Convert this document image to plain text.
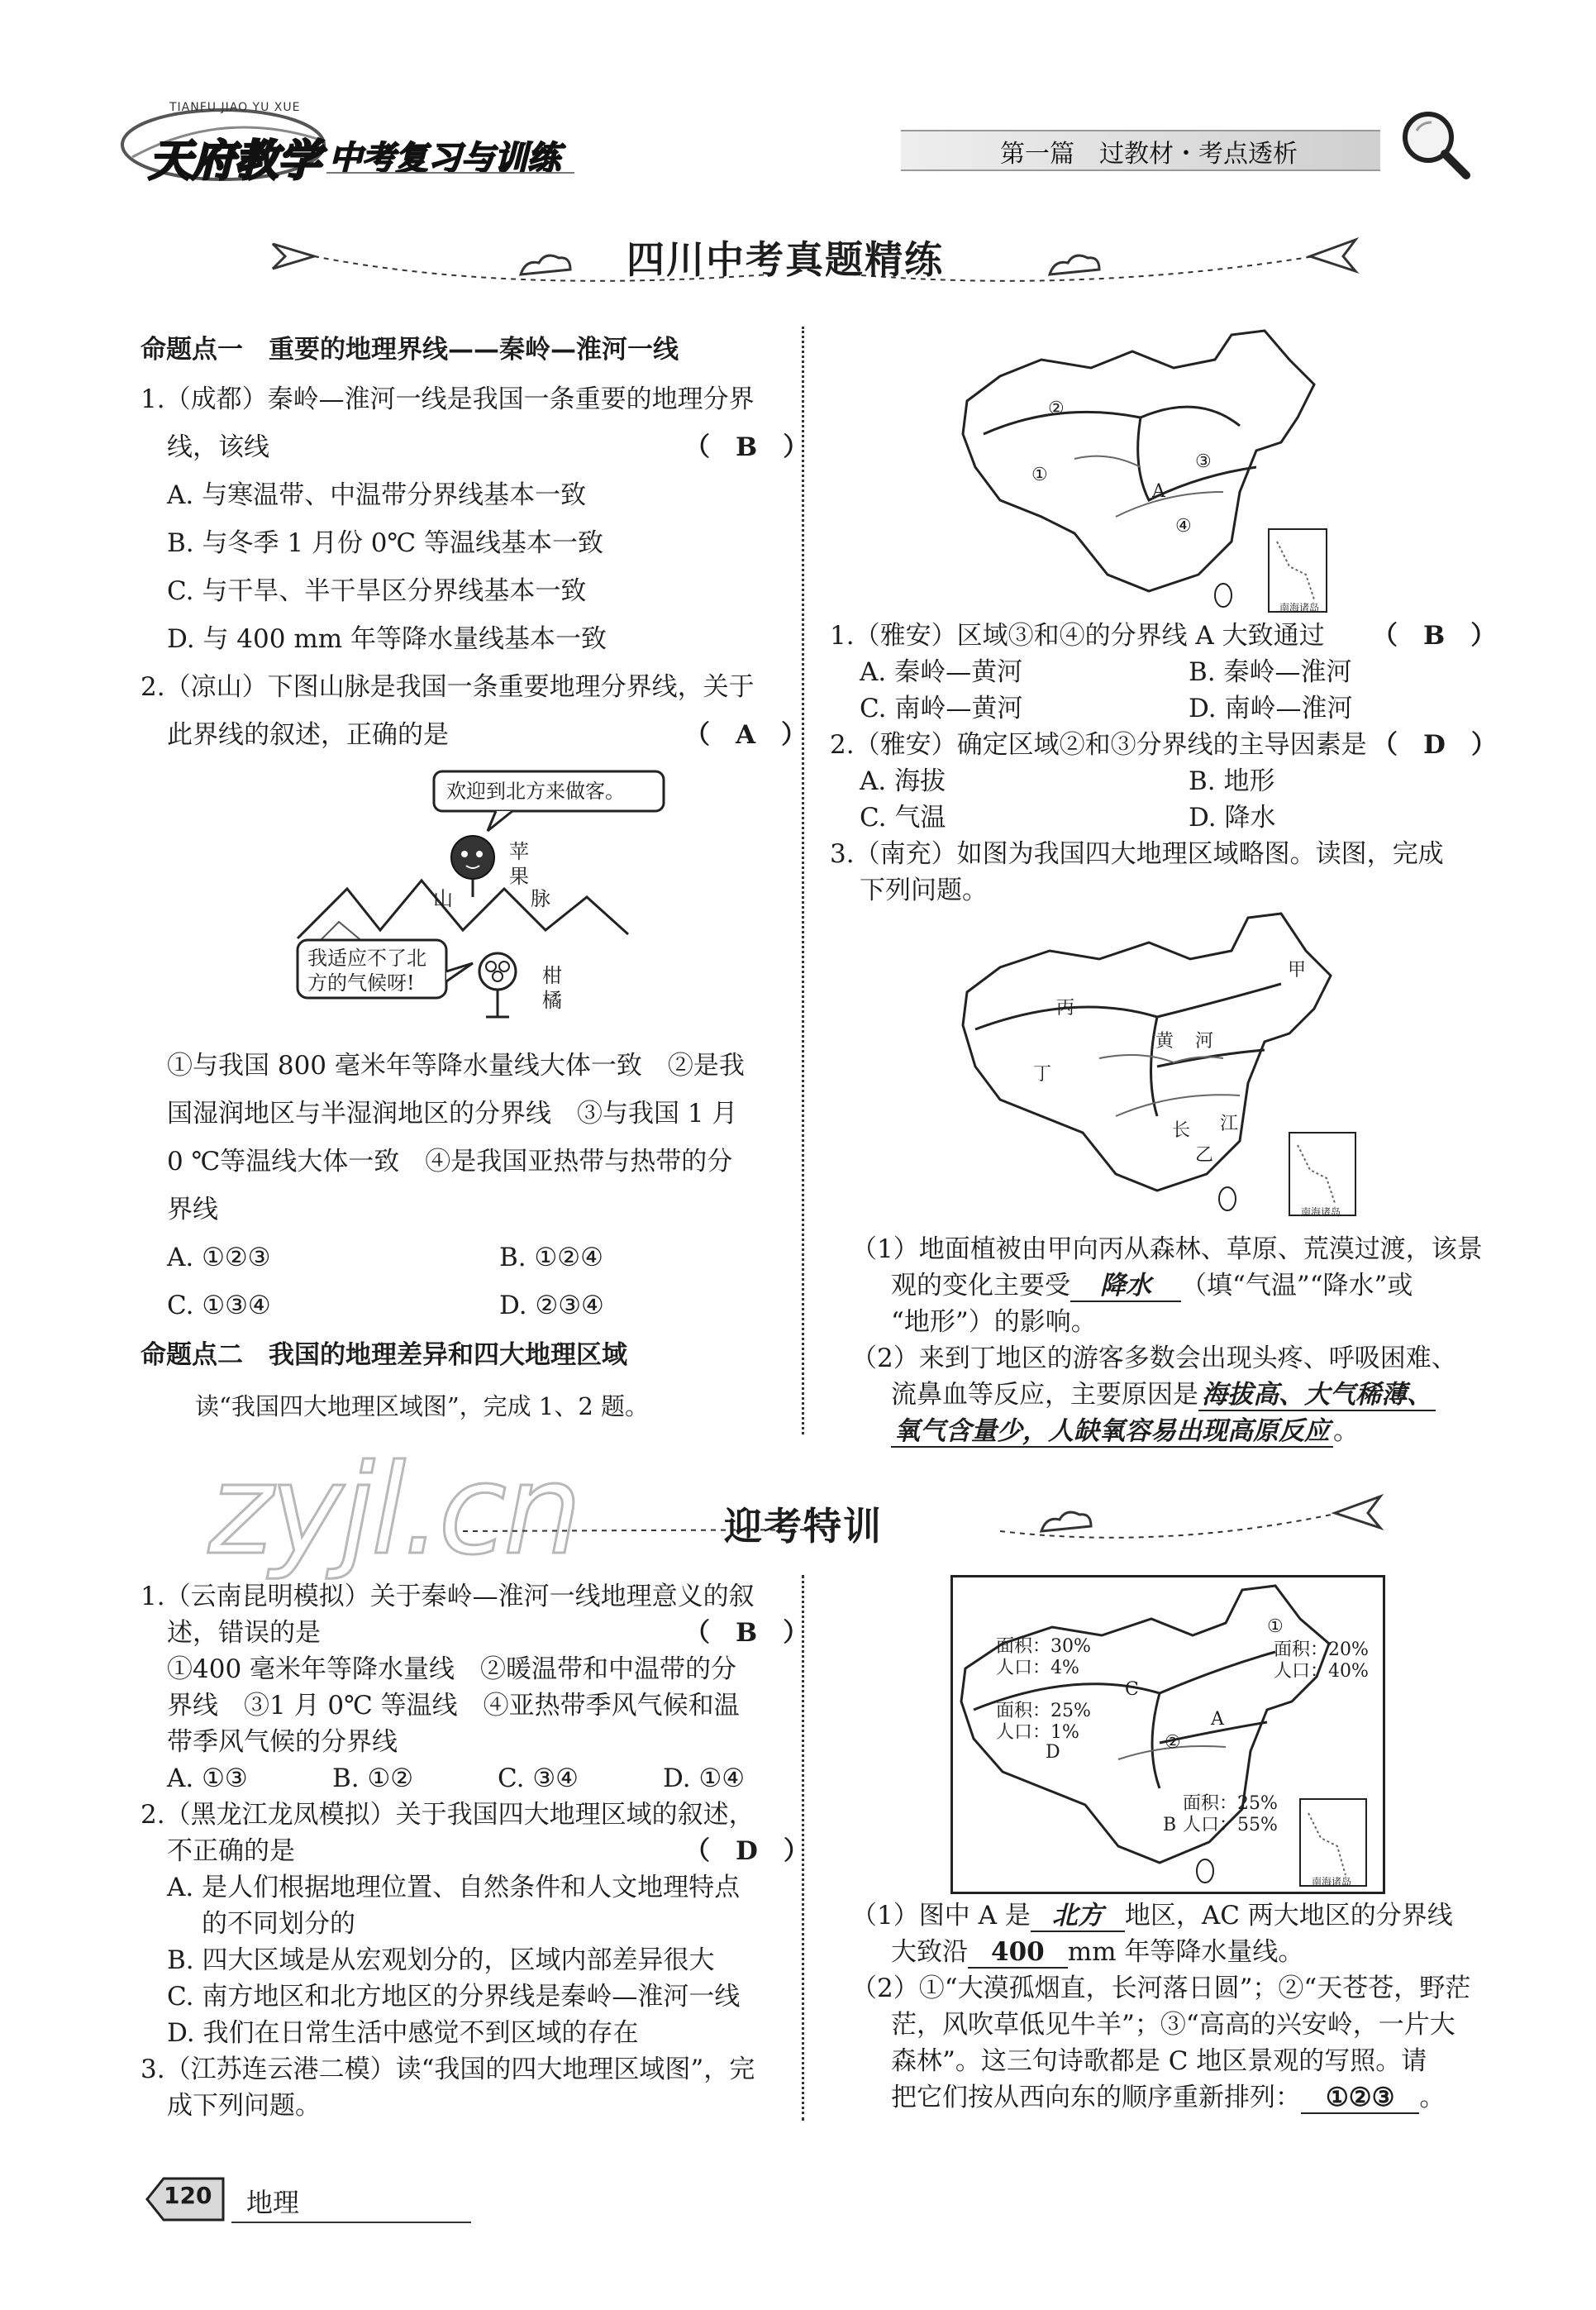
TIANFU JIAO YU XUE
天府教学 中考复习与训练	第一篇　过教材・考点透析
四川中考真题精练
命题点一　重要的地理界线——秦岭—淮河一线
1.（成都）秦岭—淮河一线是我国一条重要的地理分界
线，该线	（　B　）
A. 与寒温带、中温带分界线基本一致
B. 与冬季 1 月份 0℃ 等温线基本一致
C. 与干旱、半干旱区分界线基本一致
D. 与 400 mm 年等降水量线基本一致
2.（凉山）下图山脉是我国一条重要地理分界线，关于
此界线的叙述，正确的是	（　A　）
欢迎到北方来做客。
我适应不了北
方的气候呀!
苹果
山	脉
柑橘
①与我国 800 毫米年等降水量线大体一致　②是我
国湿润地区与半湿润地区的分界线　③与我国 1 月
0 ℃等温线大体一致　④是我国亚热带与热带的分
界线
A. ①②③	B. ①②④
C. ①③④	D. ②③④
命题点二　我国的地理差异和四大地理区域
读“我国四大地理区域图”，完成 1、2 题。
①
②
③
④
A
南海诸岛
1.（雅安）区域③和④的分界线 A 大致通过 （　B　）
A. 秦岭—黄河	B. 秦岭—淮河
C. 南岭—黄河	D. 南岭—淮河
2.（雅安）确定区域②和③分界线的主导因素是 （　D　）
A. 海拔	B. 地形
C. 气温	D. 降水
3.（南充）如图为我国四大地理区域略图。读图，完成
下列问题。
甲
丙
黄 河
丁
长 江
乙
南海诸岛
（1）地面植被由甲向丙从森林、草原、荒漠过渡，该景
观的变化主要受 降水 （填“气温”“降水”或
“地形”）的影响。
（2）来到丁地区的游客多数会出现头疼、呼吸困难、
流鼻血等反应，主要原因是 海拔高、大气稀薄、
氧气含量少，人缺氧容易出现高原反应 。
zyjl.cn	迎考特训
1.（云南昆明模拟）关于秦岭—淮河一线地理意义的叙
述，错误的是	（　B　）
①400 毫米年等降水量线　②暖温带和中温带的分
界线　③1 月 0℃ 等温线　④亚热带季风气候和温
带季风气候的分界线
A. ①③	B. ①②	C. ③④	D. ①④
2.（黑龙江龙凤模拟）关于我国四大地理区域的叙述，
不正确的是	（　D　）
A. 是人们根据地理位置、自然条件和人文地理特点
的不同划分的
B. 四大区域是从宏观划分的，区域内部差异很大
C. 南方地区和北方地区的分界线是秦岭—淮河一线
D. 我们在日常生活中感觉不到区域的存在
3.（江苏连云港二模）读“我国的四大地理区域图”，完
成下列问题。
面积：30%
人口：4%
C
面积：25%
人口：1%
D
①
面积：20%
人口：40%
A
②
面积：25%
B 人口：55%
南海诸岛
（1）图中 A 是 北方 地区，AC 两大地区的分界线
大致沿 400 mm 年等降水量线。
（2）①“大漠孤烟直，长河落日圆”；②“天苍苍，野茫
茫，风吹草低见牛羊”；③“高高的兴安岭，一片大
森林”。这三句诗歌都是 C 地区景观的写照。请
把它们按从西向东的顺序重新排列： ①②③ 。
120 地理
